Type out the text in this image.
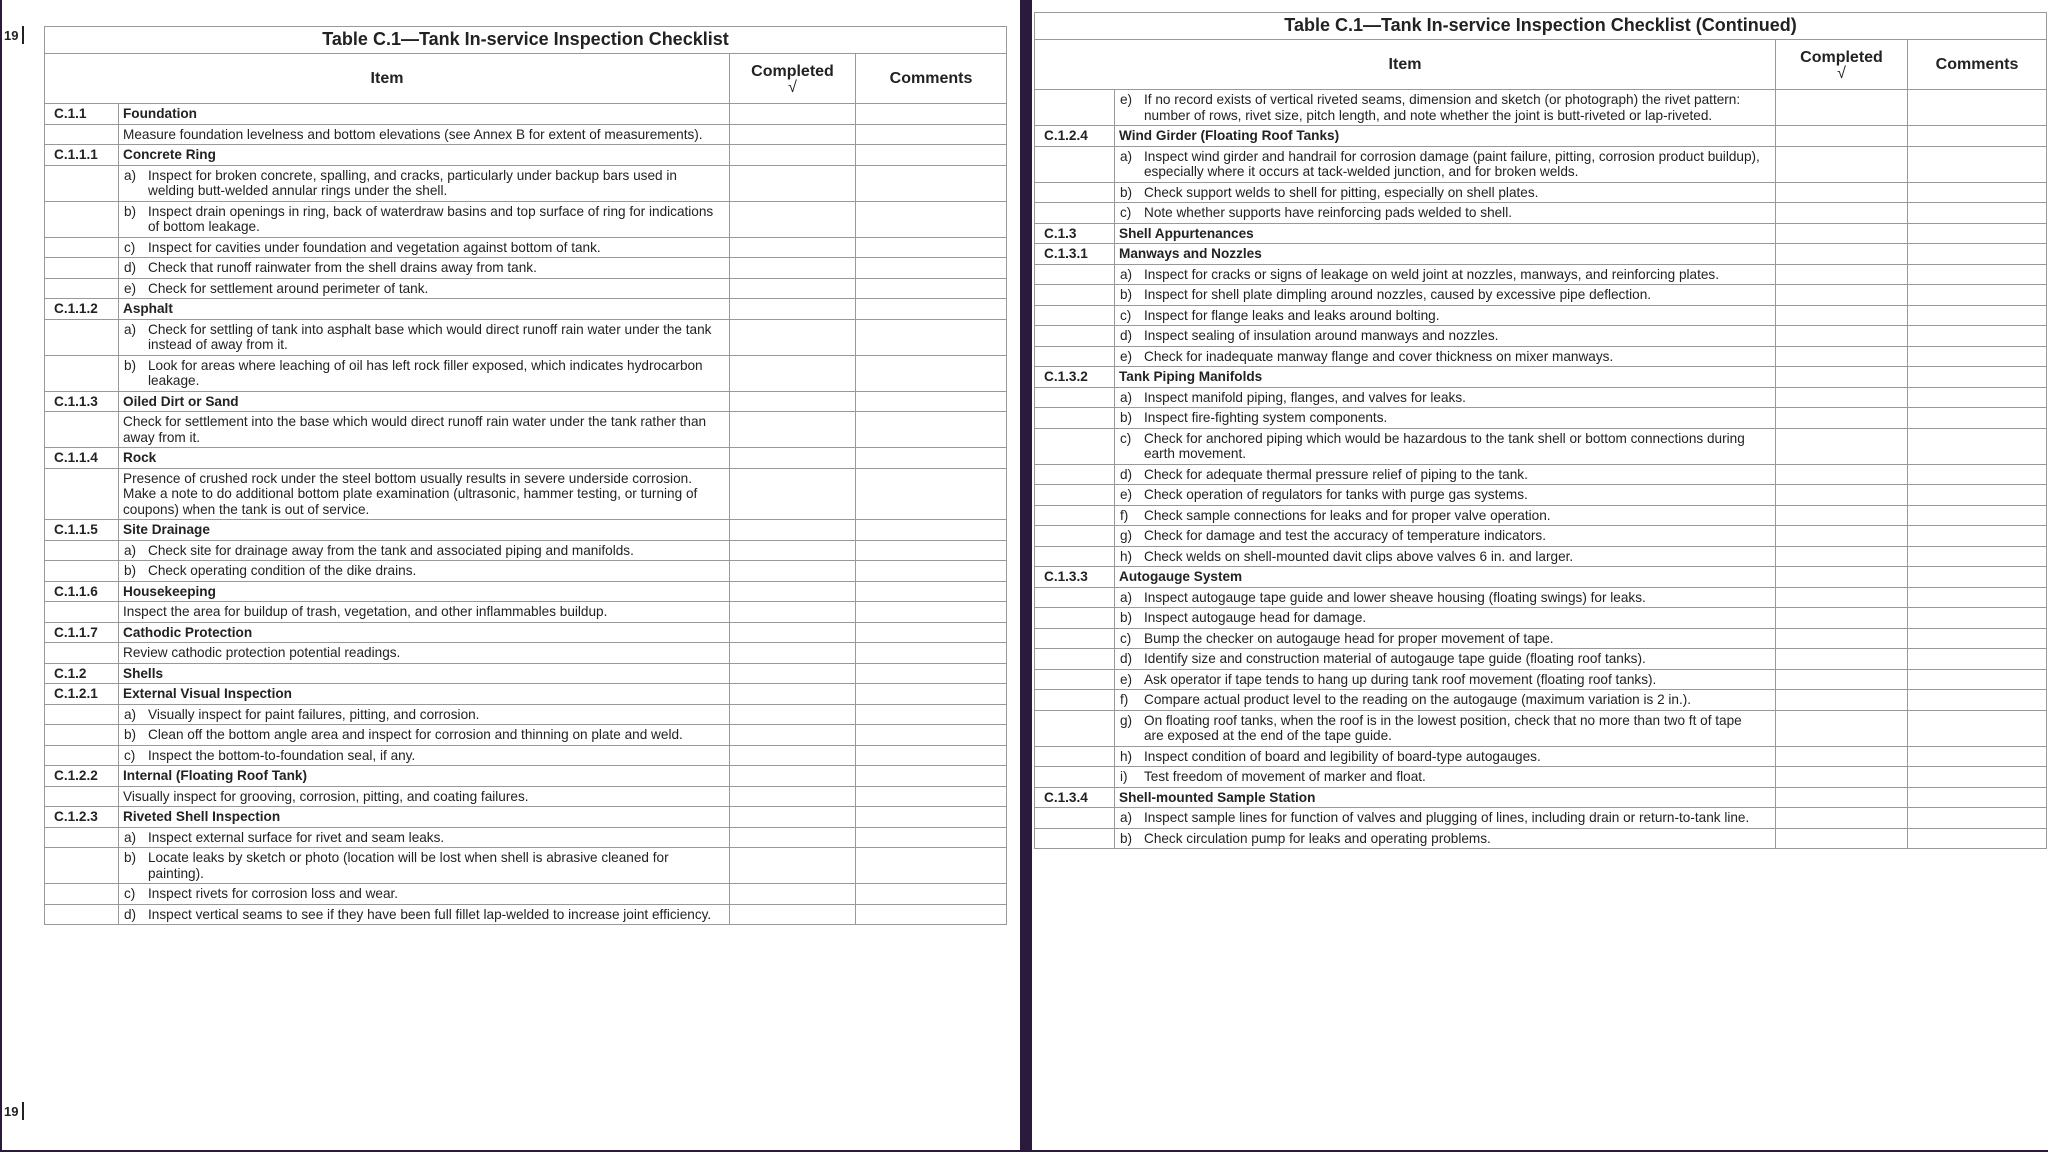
19
19
Table C.1—Tank In-service Inspection Checklist
Item		Completed
√	Comments
C.1.1	Foundation		
	Measure foundation levelness and bottom elevations (see Annex B for extent of measurements).		
C.1.1.1	Concrete Ring		

	a) Inspect for broken concrete, spalling, and cracks, particularly under backup bars used in welding butt-welded annular rings under the shell.		

	b) Inspect drain openings in ring, back of waterdraw basins and top surface of ring for indications of bottom leakage.		

	c) Inspect for cavities under foundation and vegetation against bottom of tank.		

	d) Check that runoff rainwater from the shell drains away from tank.		

	e) Check for settlement around perimeter of tank.		

C.1.1.2	Asphalt		

	a) Check for settling of tank into asphalt base which would direct runoff rain water under the tank instead of away from it.		

	b) Look for areas where leaching of oil has left rock filler exposed, which indicates hydrocarbon leakage.		

C.1.1.3	Oiled Dirt or Sand		
	Check for settlement into the base which would direct runoff rain water under the tank rather than away from it.		
C.1.1.4	Rock		
	Presence of crushed rock under the steel bottom usually results in severe underside corrosion. Make a note to do additional bottom plate examination (ultrasonic, hammer testing, or turning of coupons) when the tank is out of service.		
C.1.1.5	Site Drainage		

	a) Check site for drainage away from the tank and associated piping and manifolds.		

	b) Check operating condition of the dike drains.		

C.1.1.6	Housekeeping		
	Inspect the area for buildup of trash, vegetation, and other inflammables buildup.		
C.1.1.7	Cathodic Protection		
	Review cathodic protection potential readings.		
C.1.2	Shells		
C.1.2.1	External Visual Inspection		

	a) Visually inspect for paint failures, pitting, and corrosion.		

	b) Clean off the bottom angle area and inspect for corrosion and thinning on plate and weld.		

	c) Inspect the bottom-to-foundation seal, if any.		

C.1.2.2	Internal (Floating Roof Tank)		
	Visually inspect for grooving, corrosion, pitting, and coating failures.		
C.1.2.3	Riveted Shell Inspection		

	a) Inspect external surface for rivet and seam leaks.		

	b) Locate leaks by sketch or photo (location will be lost when shell is abrasive cleaned for painting).		

	c) Inspect rivets for corrosion loss and wear.		

	d) Inspect vertical seams to see if they have been full fillet lap-welded to increase joint efficiency.		

Table C.1—Tank In-service Inspection Checklist (Continued)
Item		Completed
√	Comments

	e) If no record exists of vertical riveted seams, dimension and sketch (or photograph) the rivet pattern: number of rows, rivet size, pitch length, and note whether the joint is butt-riveted or lap-riveted.		

C.1.2.4	Wind Girder (Floating Roof Tanks)		

	a) Inspect wind girder and handrail for corrosion damage (paint failure, pitting, corrosion product buildup), especially where it occurs at tack-welded junction, and for broken welds.		

	b) Check support welds to shell for pitting, especially on shell plates.		

	c) Note whether supports have reinforcing pads welded to shell.		

C.1.3	Shell Appurtenances		
C.1.3.1	Manways and Nozzles		

	a) Inspect for cracks or signs of leakage on weld joint at nozzles, manways, and reinforcing plates.		

	b) Inspect for shell plate dimpling around nozzles, caused by excessive pipe deflection.		

	c) Inspect for flange leaks and leaks around bolting.		

	d) Inspect sealing of insulation around manways and nozzles.		

	e) Check for inadequate manway flange and cover thickness on mixer manways.		

C.1.3.2	Tank Piping Manifolds		

	a) Inspect manifold piping, flanges, and valves for leaks.		

	b) Inspect fire-fighting system components.		

	c) Check for anchored piping which would be hazardous to the tank shell or bottom connections during earth movement.		

	d) Check for adequate thermal pressure relief of piping to the tank.		

	e) Check operation of regulators for tanks with purge gas systems.		

	f) Check sample connections for leaks and for proper valve operation.		

	g) Check for damage and test the accuracy of temperature indicators.		

	h) Check welds on shell-mounted davit clips above valves 6 in. and larger.		

C.1.3.3	Autogauge System		

	a) Inspect autogauge tape guide and lower sheave housing (floating swings) for leaks.		

	b) Inspect autogauge head for damage.		

	c) Bump the checker on autogauge head for proper movement of tape.		

	d) Identify size and construction material of autogauge tape guide (floating roof tanks).		

	e) Ask operator if tape tends to hang up during tank roof movement (floating roof tanks).		

	f) Compare actual product level to the reading on the autogauge (maximum variation is 2 in.).		

	g) On floating roof tanks, when the roof is in the lowest position, check that no more than two ft of tape are exposed at the end of the tape guide.		

	h) Inspect condition of board and legibility of board-type autogauges.		

	i) Test freedom of movement of marker and float.		

C.1.3.4	Shell-mounted Sample Station		

	a) Inspect sample lines for function of valves and plugging of lines, including drain or return-to-tank line.		

	b) Check circulation pump for leaks and operating problems.		
